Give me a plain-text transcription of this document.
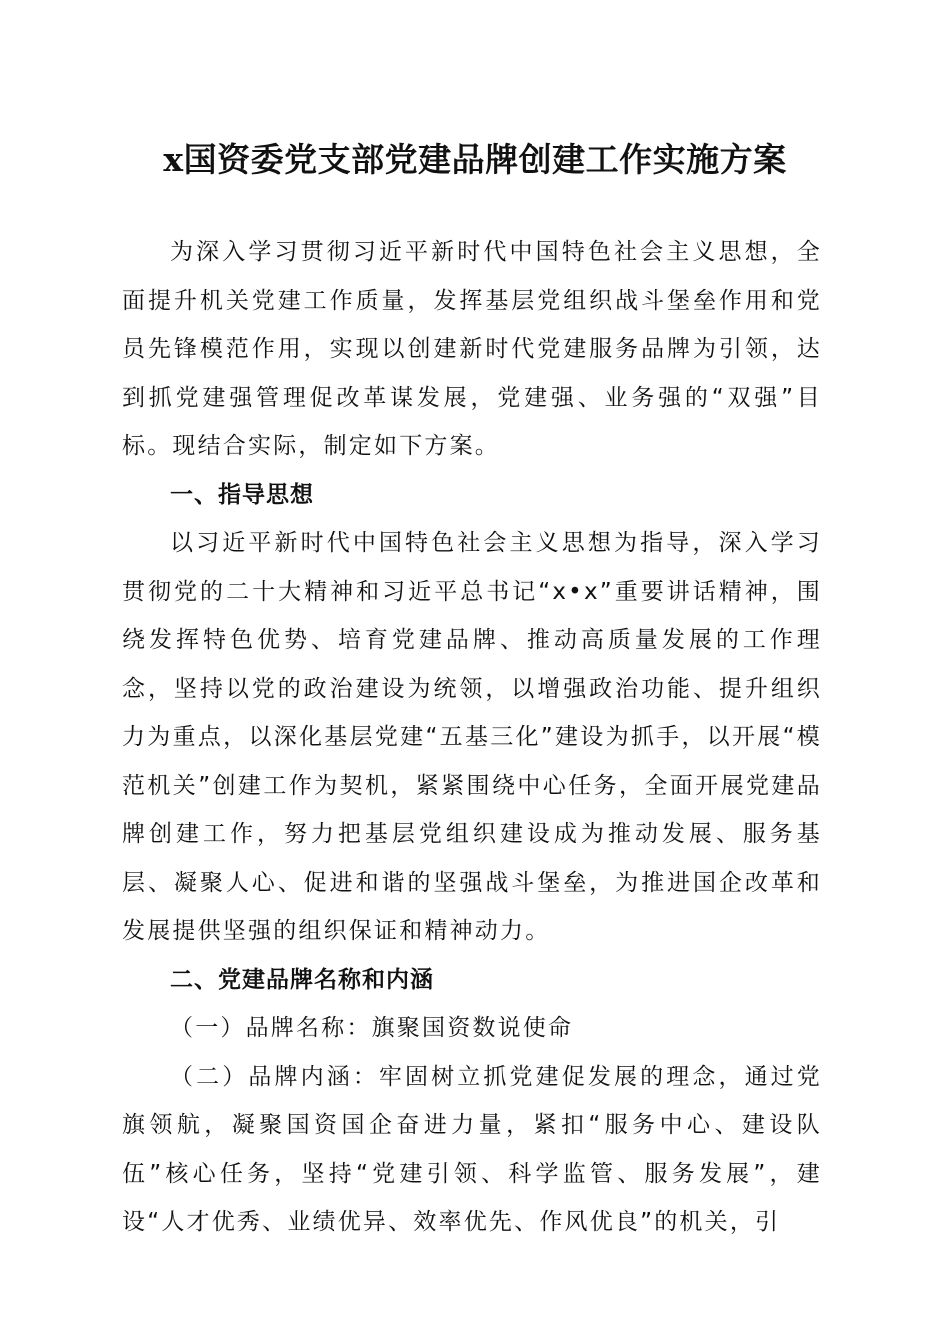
x国资委党支部党建品牌创建工作实施方案

为深入学习贯彻习近平新时代中国特色社会主义思想，全面提升机关党建工作质量，发挥基层党组织战斗堡垒作用和党员先锋模范作用，实现以创建新时代党建服务品牌为引领，达到抓党建强管理促改革谋发展，党建强、业务强的“双强”目标。现结合实际，制定如下方案。

一、指导思想

以习近平新时代中国特色社会主义思想为指导，深入学习贯彻党的二十大精神和习近平总书记“x•x”重要讲话精神，围绕发挥特色优势、培育党建品牌、推动高质量发展的工作理念，坚持以党的政治建设为统领，以增强政治功能、提升组织力为重点，以深化基层党建“五基三化”建设为抓手，以开展“模范机关”创建工作为契机，紧紧围绕中心任务，全面开展党建品牌创建工作，努力把基层党组织建设成为推动发展、服务基层、凝聚人心、促进和谐的坚强战斗堡垒，为推进国企改革和发展提供坚强的组织保证和精神动力。

二、党建品牌名称和内涵

（一）品牌名称：旗聚国资数说使命

（二）品牌内涵：牢固树立抓党建促发展的理念，通过党旗领航，凝聚国资国企奋进力量，紧扣“服务中心、建设队伍”核心任务，坚持“党建引领、科学监管、服务发展”，建设“人才优秀、业绩优异、效率优先、作风优良”的机关，引
